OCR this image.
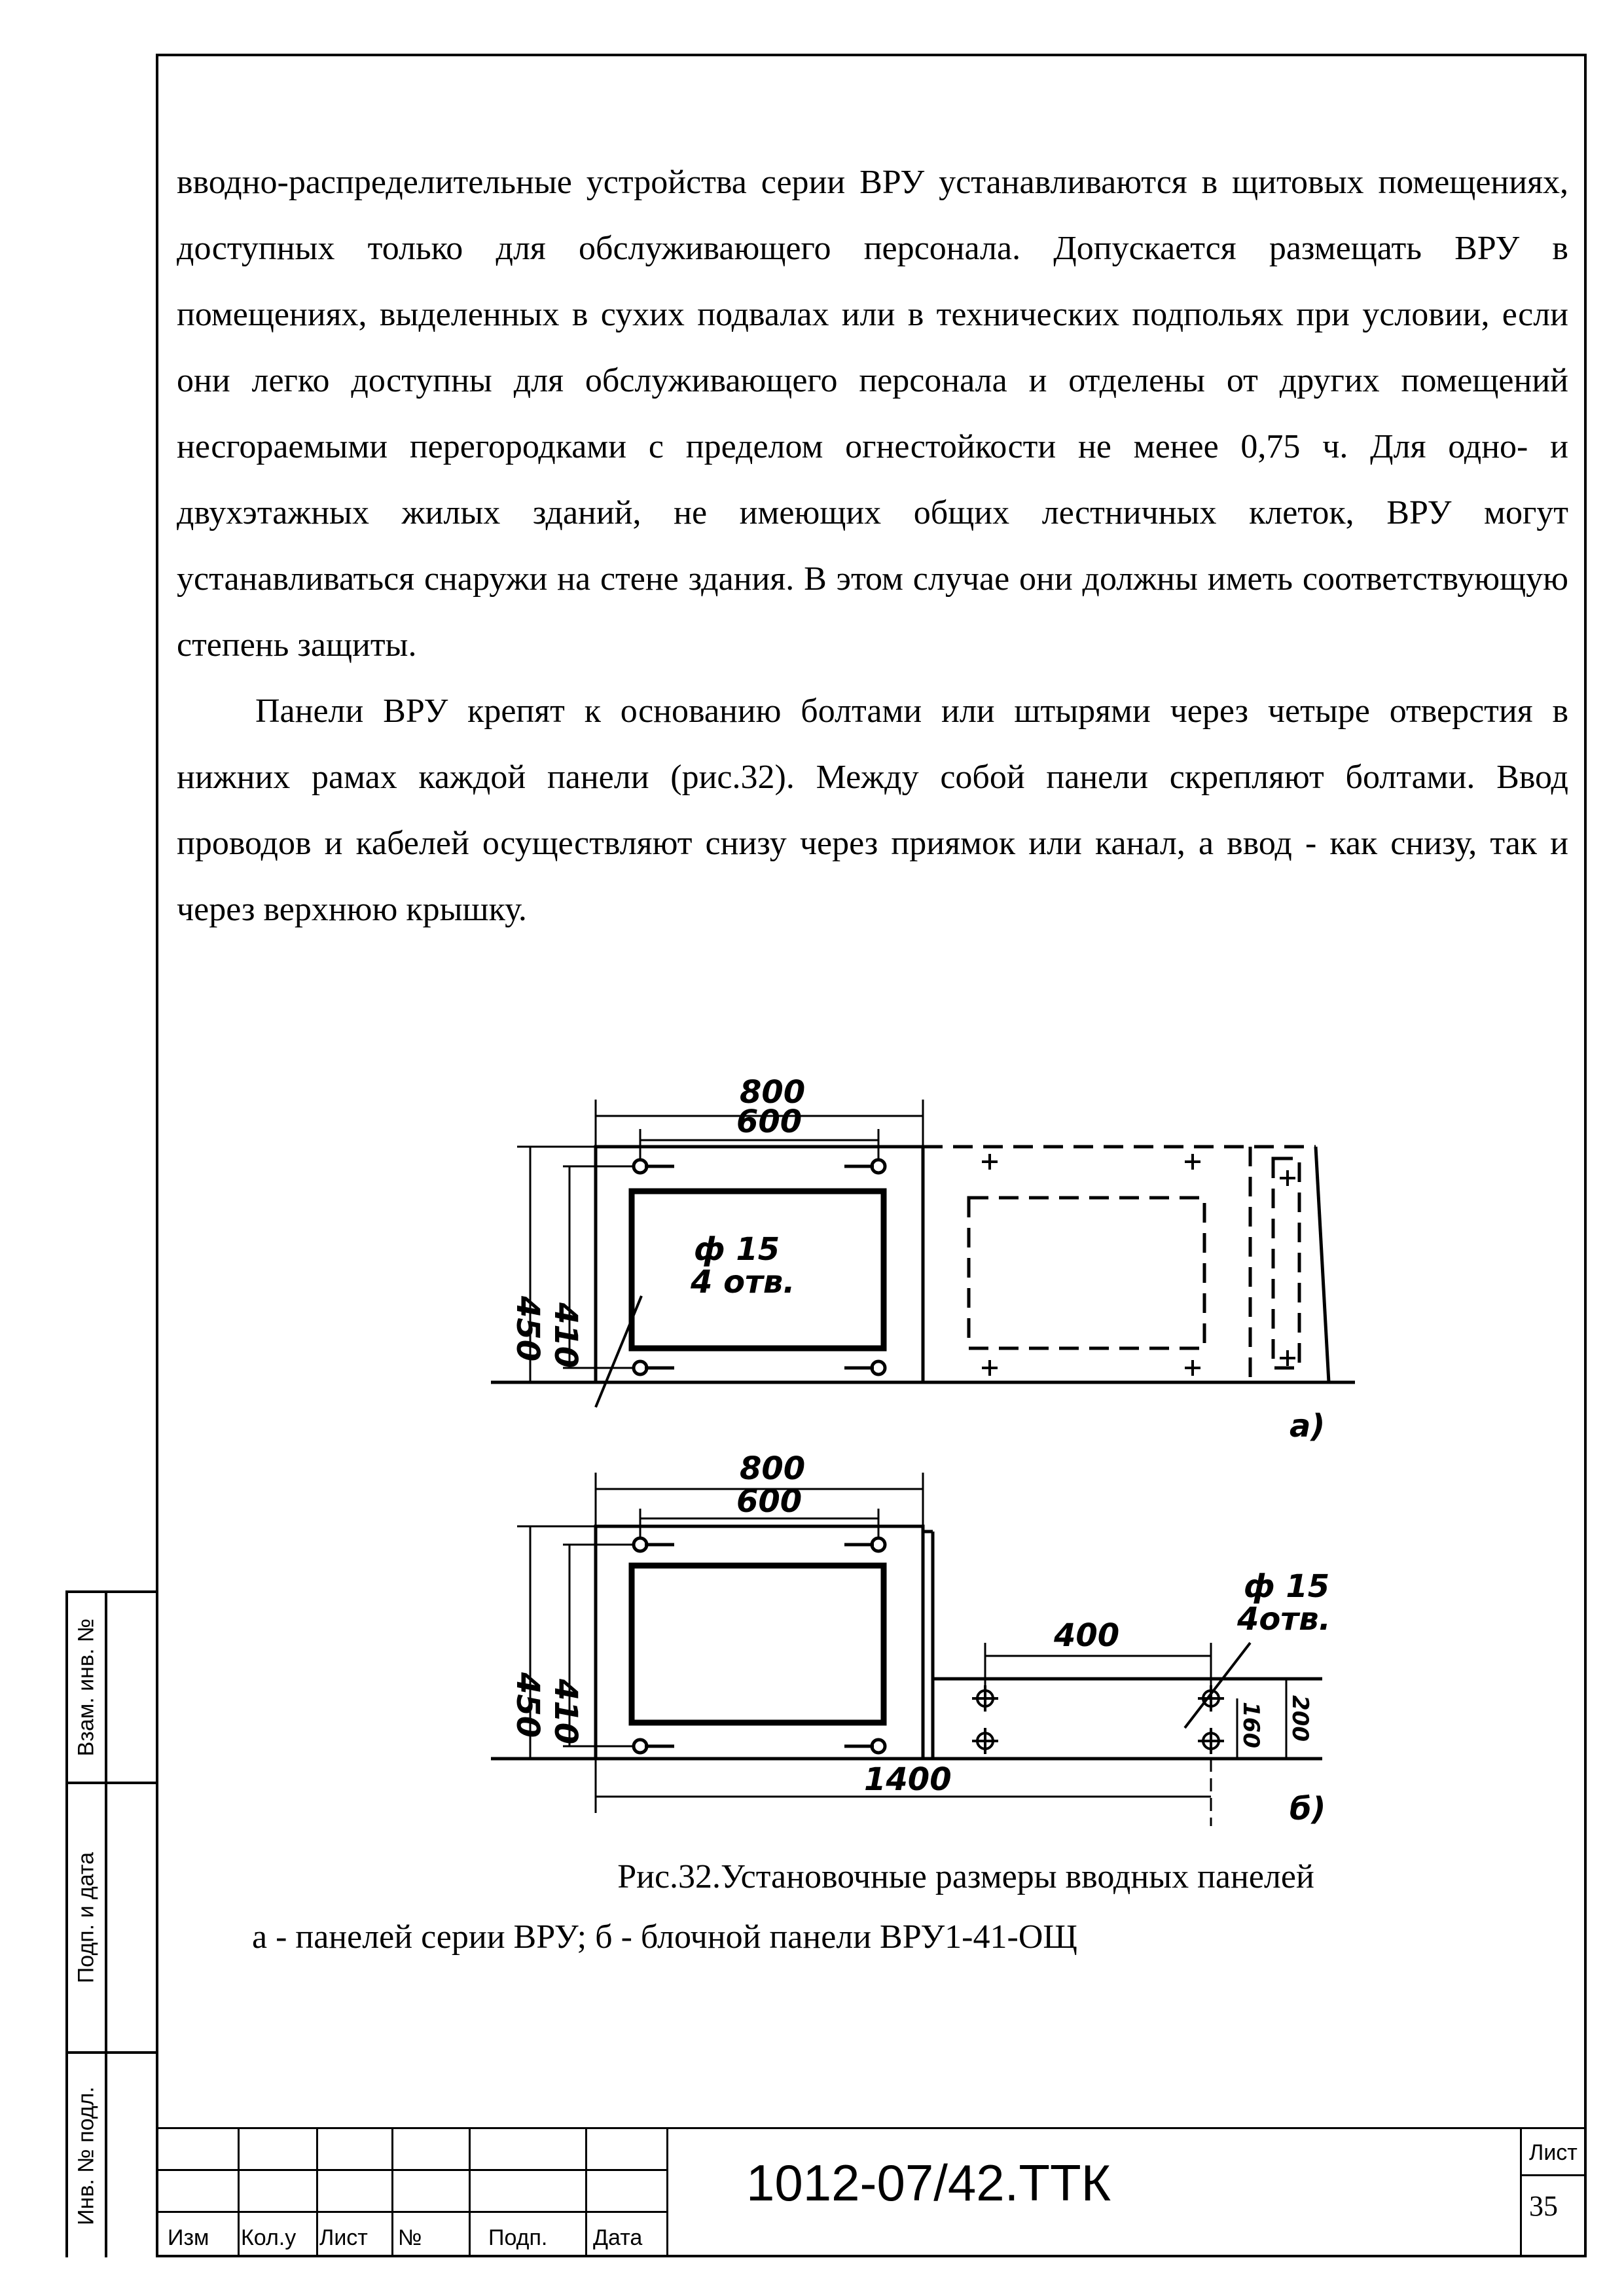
вводно-распределительные устройства серии ВРУ устанавливаются в щитовых помещениях, доступных только для обслуживающего персонала. Допускается размещать ВРУ в помещениях, выделенных в сухих подвалах или в технических подпольях при условии, если они легко доступны для обслуживающего персонала и отделены от других помещений несгораемыми перегородками с пределом огнестойкости не менее 0,75 ч. Для одно- и двухэтажных жилых зданий, не имеющих общих лестничных клеток, ВРУ могут устанавливаться снаружи на стене здания. В этом случае они должны иметь соответствующую степень защиты.

Панели ВРУ крепят к основанию болтами или штырями через четыре отверстия в нижних рамах каждой панели (рис.32). Между собой панели скрепляют болтами. Ввод проводов и кабелей осуществляют снизу через приямок или канал, а ввод - как снизу, так и через верхнюю крышку.

800
600
450 410
ф 15
4 отв.
а)
800
600
450 410
400
1400
160 200
ф 15
4отв.
б)
Рис.32.Установочные размеры вводных панелей
а - панелей серии ВРУ; б - блочной панели ВРУ1-41-ОЩ
Взам. инв. №
Подп. и дата
Инв. № подл.
Изм Кол.у Лист №	Подп. Дата
1012-07/42.ТТК
Лист
35
